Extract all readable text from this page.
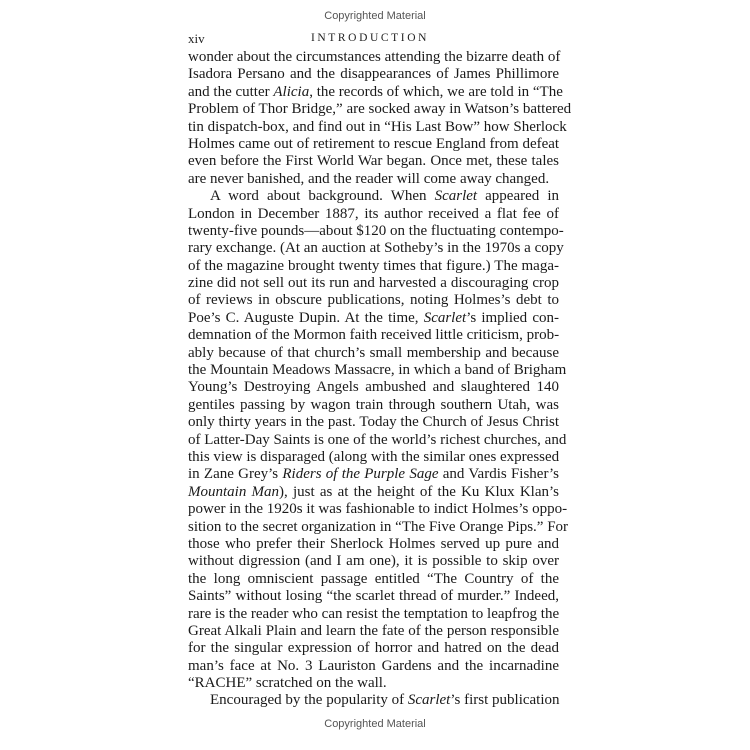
Copyrighted Material
xiv	INTRODUCTION
wonder about the circumstances attending the bizarre death of
Isadora Persano and the disappearances of James Phillimore
and the cutter Alicia, the records of which, we are told in “The
Problem of Thor Bridge,” are socked away in Watson’s battered
tin dispatch-box, and find out in “His Last Bow” how Sherlock
Holmes came out of retirement to rescue England from defeat
even before the First World War began. Once met, these tales
are never banished, and the reader will come away changed.
A word about background. When Scarlet appeared in
London in December 1887, its author received a flat fee of
twenty-five pounds—about $120 on the fluctuating contempo-
rary exchange. (At an auction at Sotheby’s in the 1970s a copy
of the magazine brought twenty times that figure.) The maga-
zine did not sell out its run and harvested a discouraging crop
of reviews in obscure publications, noting Holmes’s debt to
Poe’s C. Auguste Dupin. At the time, Scarlet’s implied con-
demnation of the Mormon faith received little criticism, prob-
ably because of that church’s small membership and because
the Mountain Meadows Massacre, in which a band of Brigham
Young’s Destroying Angels ambushed and slaughtered 140
gentiles passing by wagon train through southern Utah, was
only thirty years in the past. Today the Church of Jesus Christ
of Latter-Day Saints is one of the world’s richest churches, and
this view is disparaged (along with the similar ones expressed
in Zane Grey’s Riders of the Purple Sage and Vardis Fisher’s
Mountain Man), just as at the height of the Ku Klux Klan’s
power in the 1920s it was fashionable to indict Holmes’s oppo-
sition to the secret organization in “The Five Orange Pips.” For
those who prefer their Sherlock Holmes served up pure and
without digression (and I am one), it is possible to skip over
the long omniscient passage entitled “The Country of the
Saints” without losing “the scarlet thread of murder.” Indeed,
rare is the reader who can resist the temptation to leapfrog the
Great Alkali Plain and learn the fate of the person responsible
for the singular expression of horror and hatred on the dead
man’s face at No. 3 Lauriston Gardens and the incarnadine
“RACHE” scratched on the wall.
Encouraged by the popularity of Scarlet’s first publication
Copyrighted Material
